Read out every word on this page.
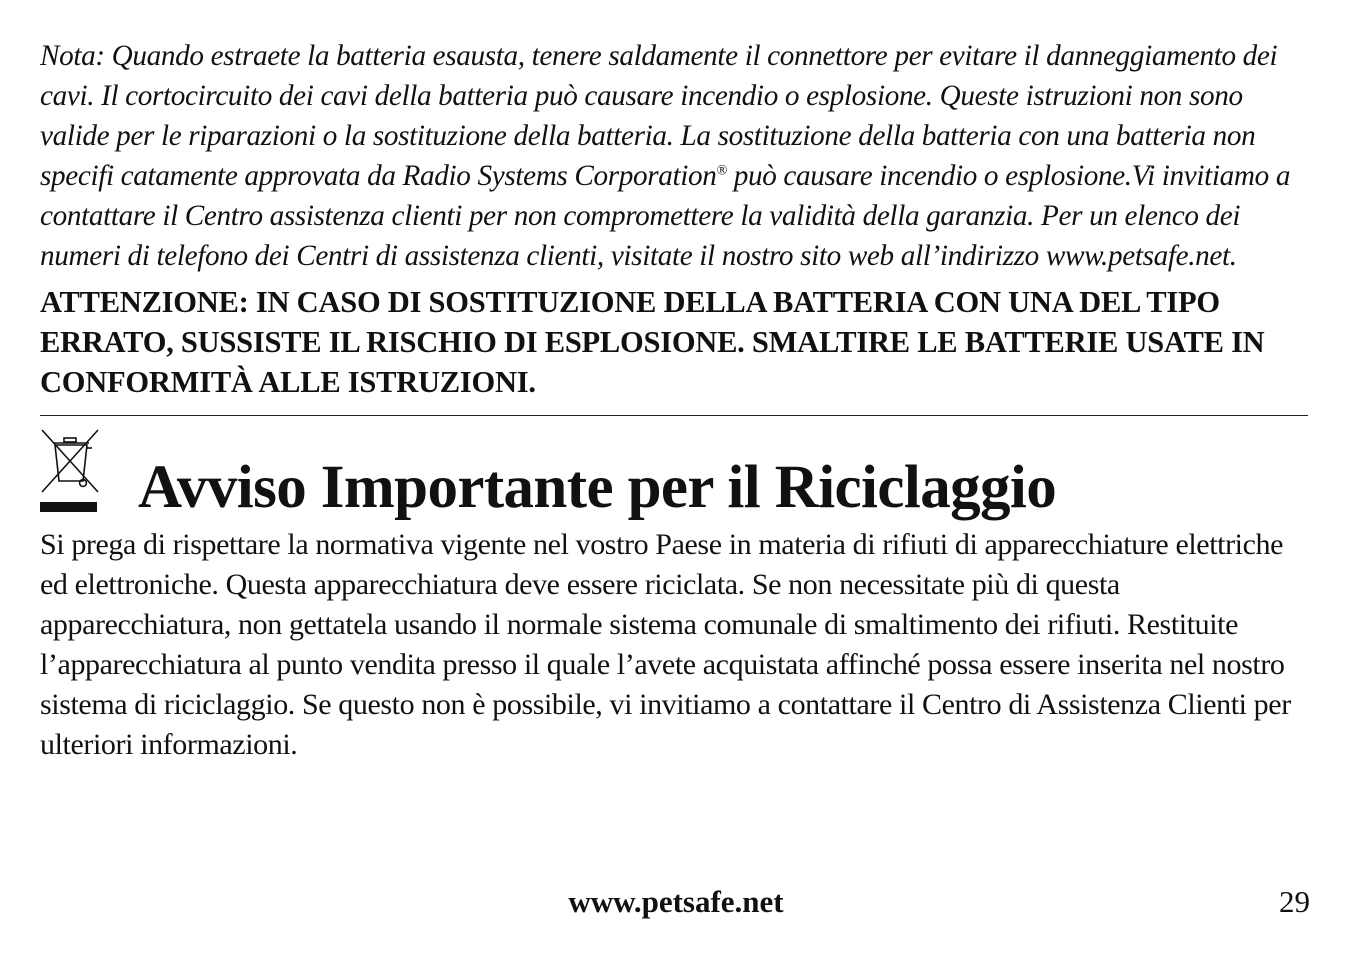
Nota: Quando estraete la batteria esausta, tenere saldamente il connettore per evitare il danneggiamento dei cavi. Il cortocircuito dei cavi della batteria può causare incendio o esplosione. Queste istruzioni non sono valide per le riparazioni o la sostituzione della batteria. La sostituzione della batteria con una batteria non specifi catamente approvata da Radio Systems Corporation® può causare incendio o esplosione.Vi invitiamo a contattare il Centro assistenza clienti per non compromettere la validità della garanzia. Per un elenco dei numeri di telefono dei Centri di assistenza clienti, visitate il nostro sito web all’indirizzo www.petsafe.net.

ATTENZIONE: IN CASO DI SOSTITUZIONE DELLA BATTERIA CON UNA DEL TIPO ERRATO, SUSSISTE IL RISCHIO DI ESPLOSIONE. SMALTIRE LE BATTERIE USATE IN CONFORMITÀ ALLE ISTRUZIONI.

Avviso Importante per il Riciclaggio

Si prega di rispettare la normativa vigente nel vostro Paese in materia di rifiuti di apparecchiature elettriche ed elettroniche. Questa apparecchiatura deve essere riciclata. Se non necessitate più di questa apparecchiatura, non gettatela usando il normale sistema comunale di smaltimento dei rifiuti. Restituite l’apparecchiatura al punto vendita presso il quale l’avete acquistata affinché possa essere inserita nel nostro sistema di riciclaggio. Se questo non è possibile, vi invitiamo a contattare il Centro di Assistenza Clienti per ulteriori informazioni.

www.petsafe.net	29
